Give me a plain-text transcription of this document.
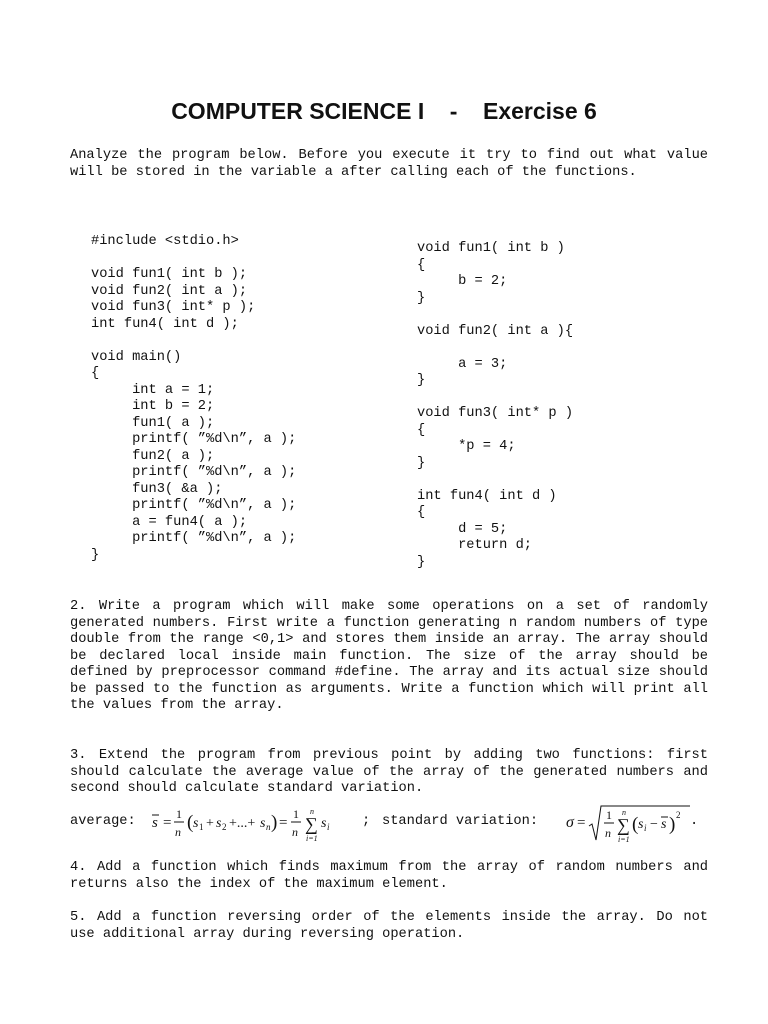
COMPUTER SCIENCE I    -    Exercise 6

Analyze the program below. Before you execute it try to find out what value will be stored in the variable a after calling each of the functions.

#include <stdio.h>

void fun1( int b );
void fun2( int a );
void fun3( int* p );
int fun4( int d );

void main()
{
int a = 1;
int b = 2;
fun1( a );
printf( ”%d\n”, a );
fun2( a );
printf( ”%d\n”, a );
fun3( &a );
printf( ”%d\n”, a );
a = fun4( a );
printf( ”%d\n”, a );
}
void fun1( int b )
{
b = 2;
}

void fun2( int a ){

a = 3;
}

void fun3( int* p )
{
*p = 4;
}

int fun4( int d )
{
d = 5;
return d;
}

2. Write a program which will make some operations on a set of randomly generated numbers. First write a function generating n random numbers of type double from the range <0,1> and stores them inside an array. The array should be declared local inside main function. The size of the array should be defined by preprocessor command #define. The array and its actual size should be passed to the function as arguments. Write a function which will print all the values from the array.

3. Extend the program from previous point by adding two functions: first should calculate the average value of the array of the generated numbers and second should calculate standard variation.

average: s =
1
n ( s 1 + s 2 +...+ s n ) =
1
n ∑
n
i=1
s i ; standard variation: σ = 1
n ∑
n
i=1
( s i − s ) 2 .

4. Add a function which finds maximum from the array of random numbers and returns also the index of the maximum element.

5. Add a function reversing order of the elements inside the array. Do not use additional array during reversing operation.
